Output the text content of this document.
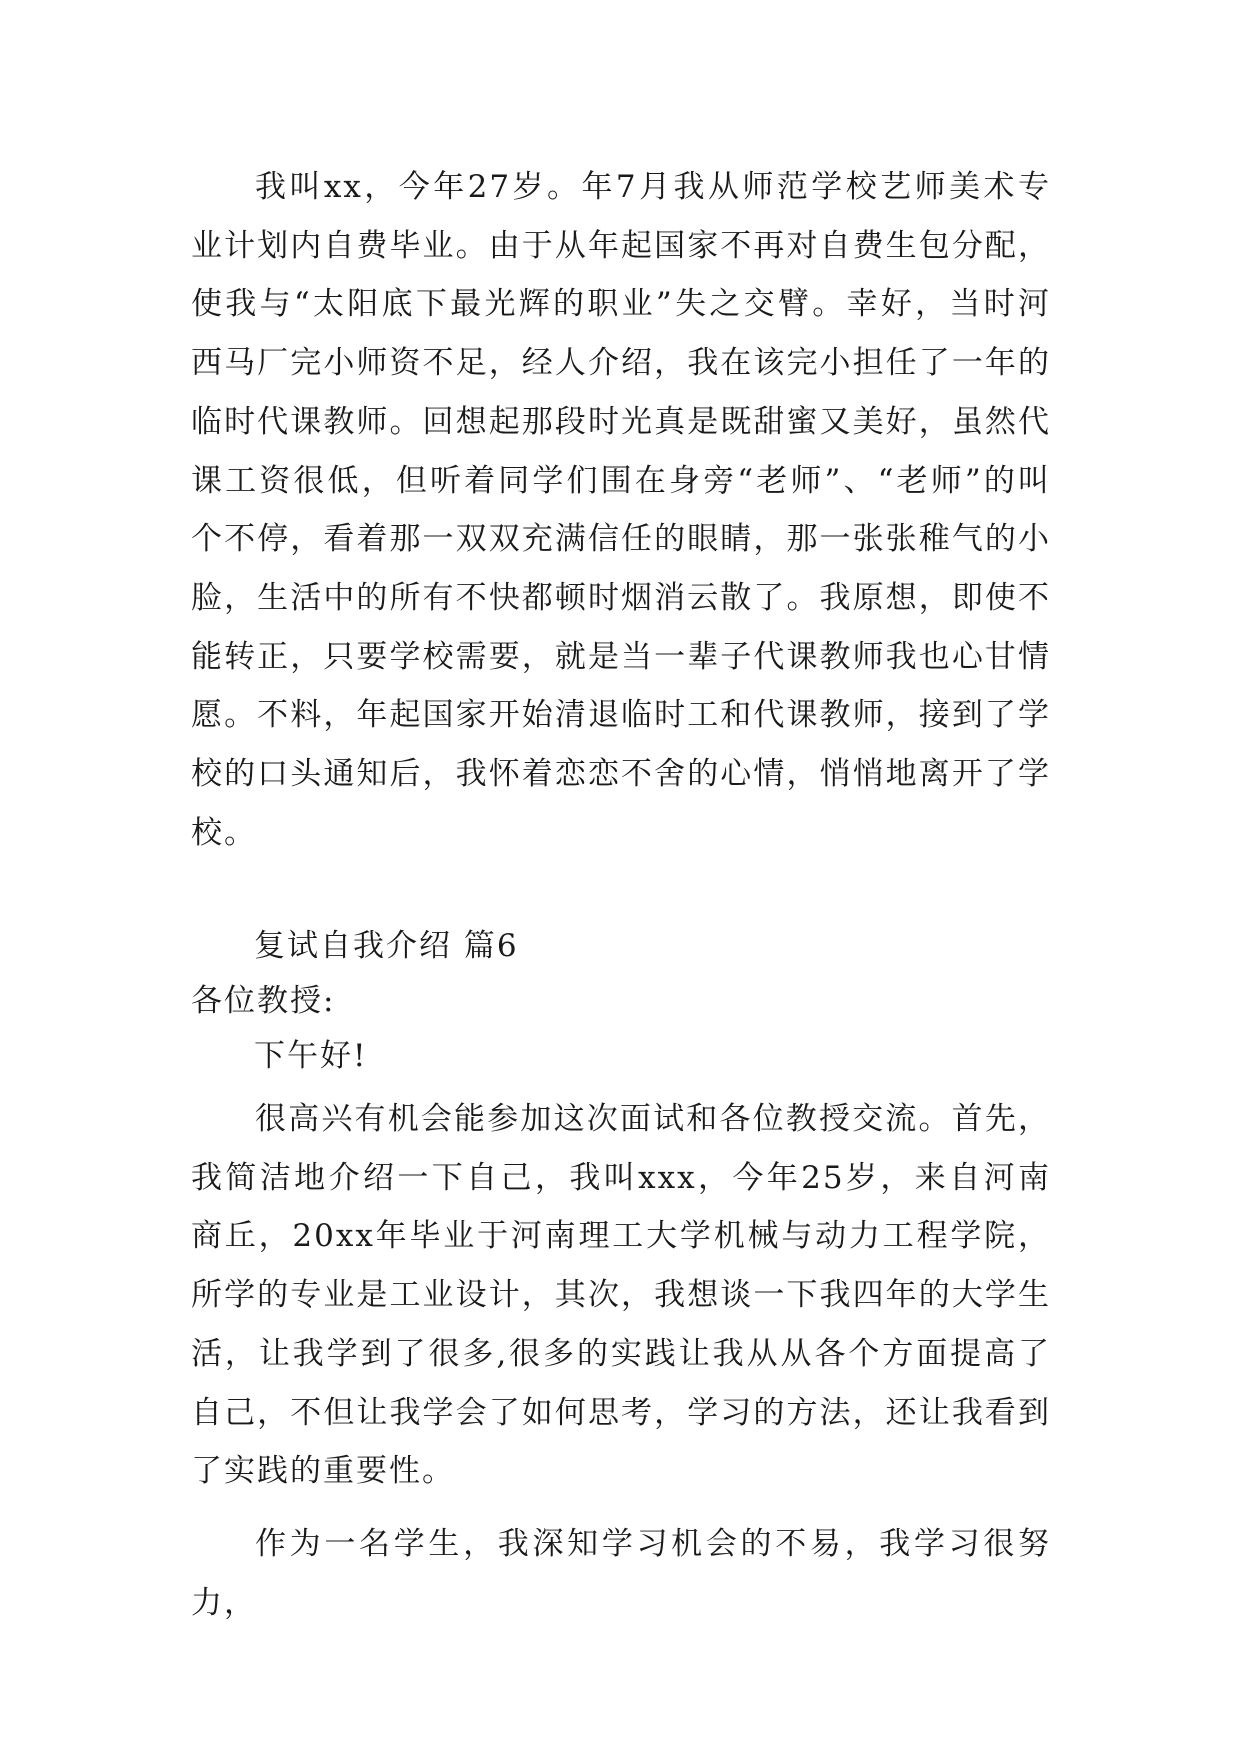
我叫xx，今年27岁。年7月我从师范学校艺师美术专业计划内自费毕业。由于从年起国家不再对自费生包分配，使我与“太阳底下最光辉的职业”失之交臂。幸好，当时河西马厂完小师资不足，经人介绍，我在该完小担任了一年的临时代课教师。回想起那段时光真是既甜蜜又美好，虽然代课工资很低，但听着同学们围在身旁“老师”、“老师”的叫个不停，看着那一双双充满信任的眼睛，那一张张稚气的小脸，生活中的所有不快都顿时烟消云散了。我原想，即使不能转正，只要学校需要，就是当一辈子代课教师我也心甘情愿。不料，年起国家开始清退临时工和代课教师，接到了学校的口头通知后，我怀着恋恋不舍的心情，悄悄地离开了学校。

复试自我介绍 篇6

各位教授:

下午好!

很高兴有机会能参加这次面试和各位教授交流。首先，我简洁地介绍一下自己，我叫xxx，今年25岁，来自河南商丘，20xx年毕业于河南理工大学机械与动力工程学院，所学的专业是工业设计，其次，我想谈一下我四年的大学生活，让我学到了很多,很多的实践让我从从各个方面提高了自己，不但让我学会了如何思考，学习的方法，还让我看到了实践的重要性。

作为一名学生，我深知学习机会的不易，我学习很努力，
